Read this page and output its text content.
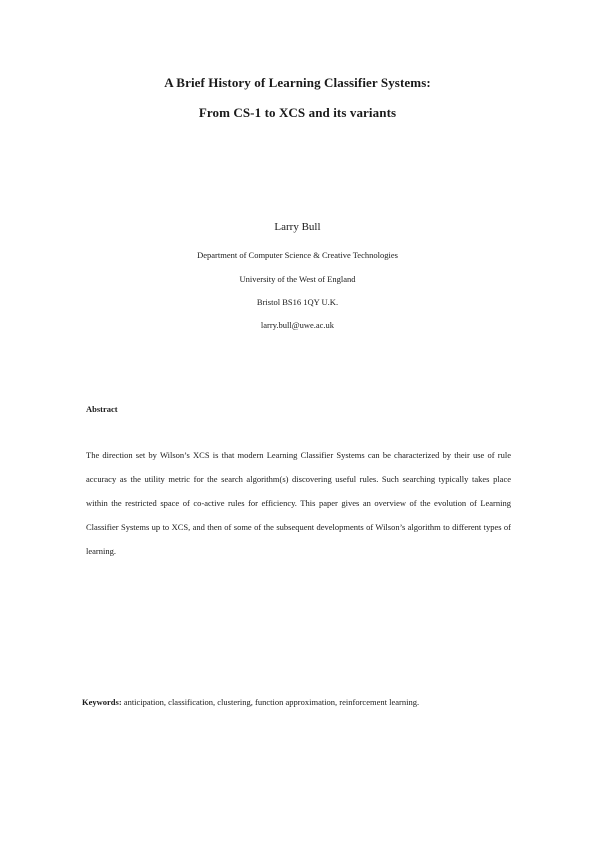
A Brief History of Learning Classifier Systems:
From CS-1 to XCS and its variants
Larry Bull
Department of Computer Science & Creative Technologies
University of the West of England
Bristol BS16 1QY U.K.
larry.bull@uwe.ac.uk
Abstract

The direction set by Wilson’s XCS is that modern Learning Classifier Systems can be characterized by their use of rule accuracy as the utility metric for the search algorithm(s) discovering useful rules. Such searching typically takes place within the restricted space of co-active rules for efficiency. This paper gives an overview of the evolution of Learning Classifier Systems up to XCS, and then of some of the subsequent developments of Wilson’s algorithm to different types of learning.

Keywords: anticipation, classification, clustering, function approximation, reinforcement learning.
